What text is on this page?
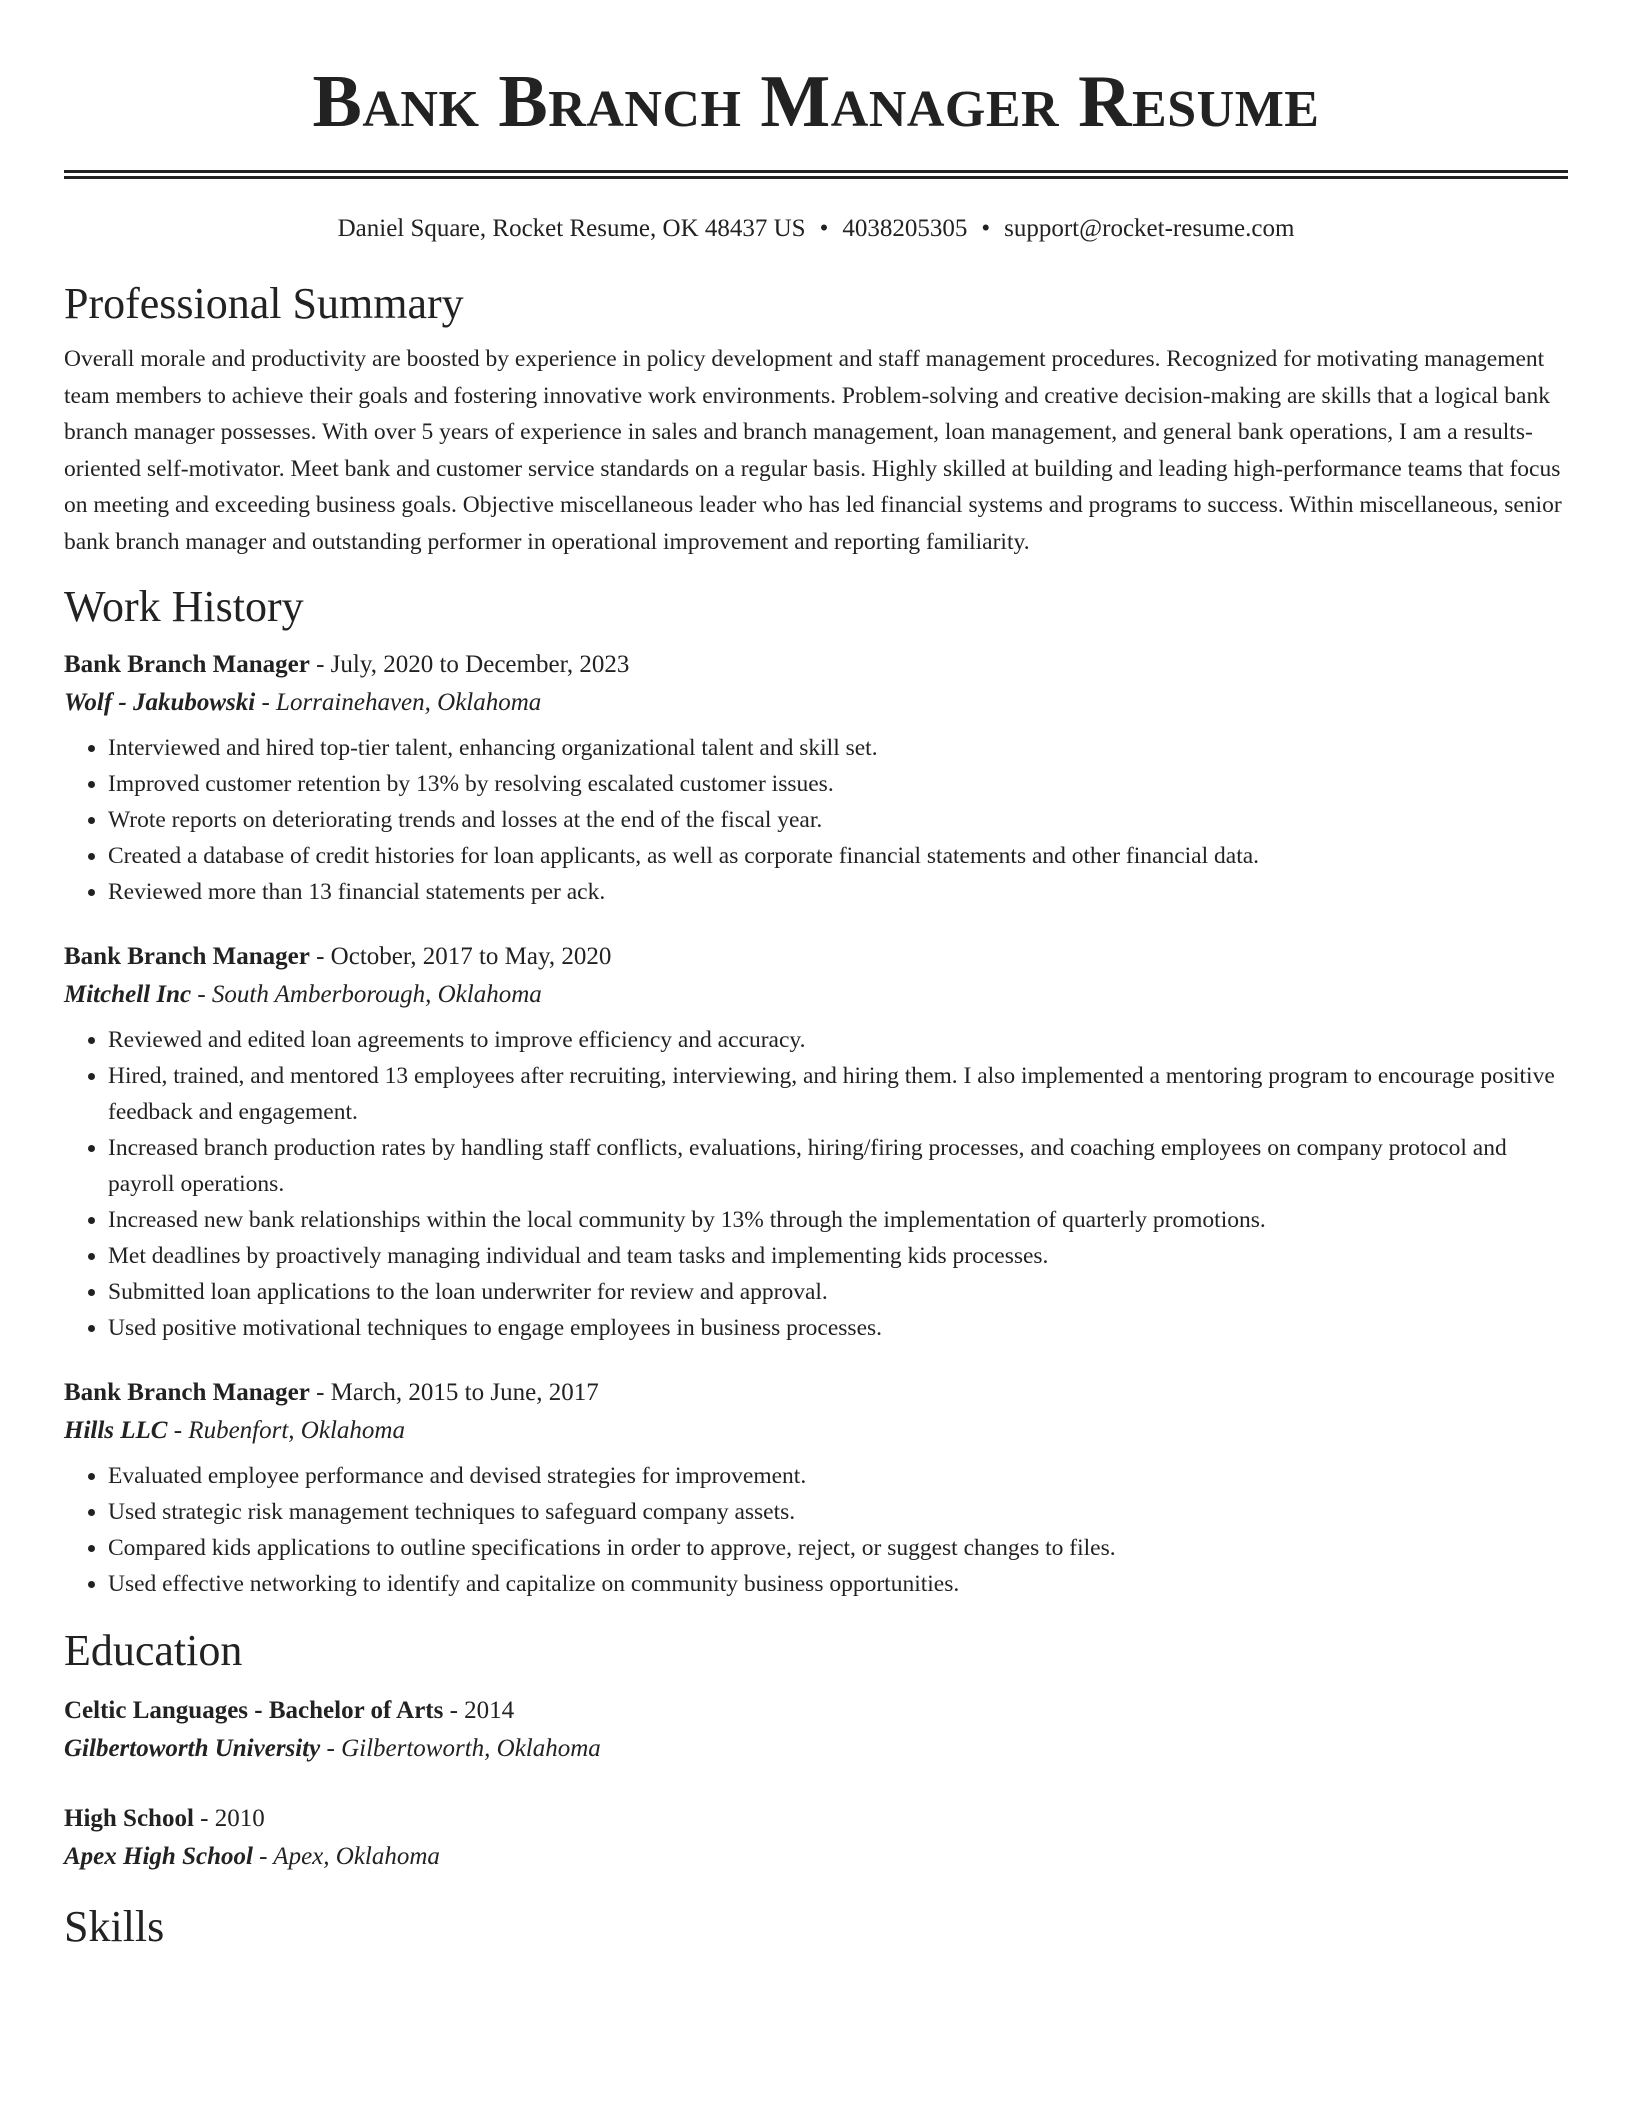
Bank Branch Manager Resume
Daniel Square, Rocket Resume, OK 48437 US • 4038205305 • support@rocket-resume.com
Professional Summary

Overall morale and productivity are boosted by experience in policy development and staff management procedures. Recognized for motivating management team members to achieve their goals and fostering innovative work environments. Problem-solving and creative decision-making are skills that a logical bank branch manager possesses. With over 5 years of experience in sales and branch management, loan management, and general bank operations, I am a results-oriented self-motivator. Meet bank and customer service standards on a regular basis. Highly skilled at building and leading high-performance teams that focus on meeting and exceeding business goals. Objective miscellaneous leader who has led financial systems and programs to success. Within miscellaneous, senior bank branch manager and outstanding performer in operational improvement and reporting familiarity.

Work History
Bank Branch Manager - July, 2020 to December, 2023
Wolf - Jakubowski - Lorrainehaven, Oklahoma
• Interviewed and hired top-tier talent, enhancing organizational talent and skill set.
• Improved customer retention by 13% by resolving escalated customer issues.
• Wrote reports on deteriorating trends and losses at the end of the fiscal year.
• Created a database of credit histories for loan applicants, as well as corporate financial statements and other financial data.
• Reviewed more than 13 financial statements per ack.
Bank Branch Manager - October, 2017 to May, 2020
Mitchell Inc - South Amberborough, Oklahoma
• Reviewed and edited loan agreements to improve efficiency and accuracy.
• Hired, trained, and mentored 13 employees after recruiting, interviewing, and hiring them. I also implemented a mentoring program to encourage positive feedback and engagement.
• Increased branch production rates by handling staff conflicts, evaluations, hiring/firing processes, and coaching employees on company protocol and payroll operations.
• Increased new bank relationships within the local community by 13% through the implementation of quarterly promotions.
• Met deadlines by proactively managing individual and team tasks and implementing kids processes.
• Submitted loan applications to the loan underwriter for review and approval.
• Used positive motivational techniques to engage employees in business processes.
Bank Branch Manager - March, 2015 to June, 2017
Hills LLC - Rubenfort, Oklahoma
• Evaluated employee performance and devised strategies for improvement.
• Used strategic risk management techniques to safeguard company assets.
• Compared kids applications to outline specifications in order to approve, reject, or suggest changes to files.
• Used effective networking to identify and capitalize on community business opportunities.
Education
Celtic Languages - Bachelor of Arts - 2014
Gilbertoworth University - Gilbertoworth, Oklahoma
High School - 2010
Apex High School - Apex, Oklahoma
Skills
